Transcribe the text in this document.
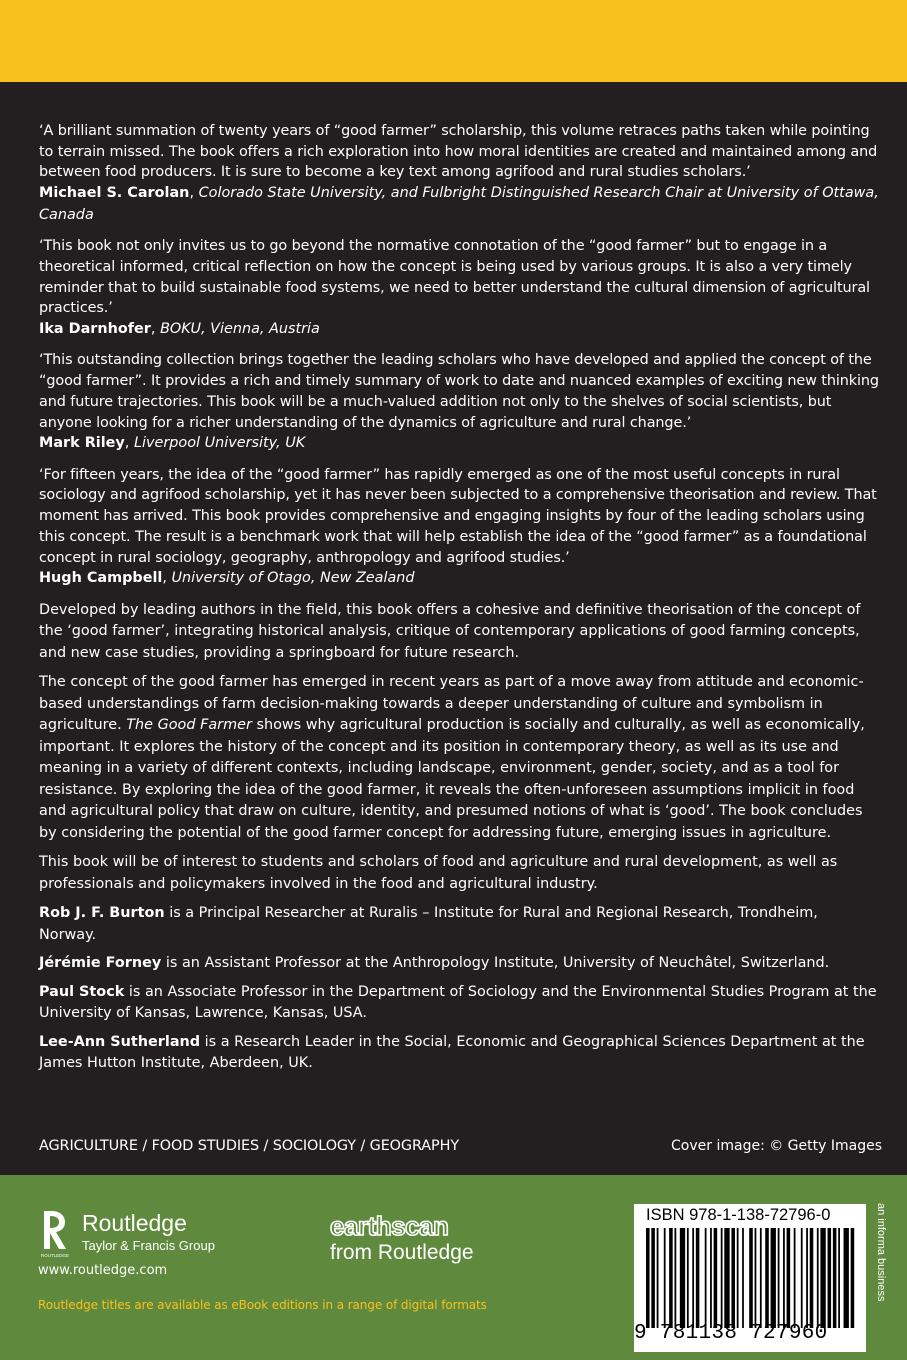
‘A brilliant summation of twenty years of “good farmer” scholarship, this volume retraces paths taken while pointing to terrain missed. The book offers a rich exploration into how moral identities are created and maintained among and between food producers. It is sure to become a key text among agrifood and rural studies scholars.’

Michael S. Carolan, Colorado State University, and Fulbright Distinguished Research Chair at University of Ottawa, Canada

‘This book not only invites us to go beyond the normative connotation of the “good farmer” but to engage in a theoretical informed, critical reflection on how the concept is being used by various groups. It is also a very timely reminder that to build sustainable food systems, we need to better understand the cultural dimension of agricultural practices.’

Ika Darnhofer, BOKU, Vienna, Austria

‘This outstanding collection brings together the leading scholars who have developed and applied the concept of the “good farmer”. It provides a rich and timely summary of work to date and nuanced examples of exciting new thinking and future trajectories. This book will be a much-valued addition not only to the shelves of social scientists, but anyone looking for a richer understanding of the dynamics of agriculture and rural change.’

Mark Riley, Liverpool University, UK

‘For fifteen years, the idea of the “good farmer” has rapidly emerged as one of the most useful concepts in rural sociology and agrifood scholarship, yet it has never been subjected to a comprehensive theorisation and review. That moment has arrived. This book provides comprehensive and engaging insights by four of the leading scholars using this concept. The result is a benchmark work that will help establish the idea of the “good farmer” as a foundational concept in rural sociology, geography, anthropology and agrifood studies.’

Hugh Campbell, University of Otago, New Zealand

Developed by leading authors in the field, this book offers a cohesive and definitive theorisation of the concept of the ‘good farmer’, integrating historical analysis, critique of contemporary applications of good farming concepts, and new case studies, providing a springboard for future research.

The concept of the good farmer has emerged in recent years as part of a move away from attitude and economic-based understandings of farm decision-making towards a deeper understanding of culture and symbolism in agriculture. The Good Farmer shows why agricultural production is socially and culturally, as well as economically, important. It explores the history of the concept and its position in contemporary theory, as well as its use and meaning in a variety of different contexts, including landscape, environment, gender, society, and as a tool for resistance. By exploring the idea of the good farmer, it reveals the often-unforeseen assumptions implicit in food and agricultural policy that draw on culture, identity, and presumed notions of what is ‘good’. The book concludes by considering the potential of the good farmer concept for addressing future, emerging issues in agriculture.

This book will be of interest to students and scholars of food and agriculture and rural development, as well as professionals and policymakers involved in the food and agricultural industry.

Rob J. F. Burton is a Principal Researcher at Ruralis – Institute for Rural and Regional Research, Trondheim, Norway.

Jérémie Forney is an Assistant Professor at the Anthropology Institute, University of Neuchâtel, Switzerland.

Paul Stock is an Associate Professor in the Department of Sociology and the Environmental Studies Program at the University of Kansas, Lawrence, Kansas, USA.

Lee-Ann Sutherland is a Research Leader in the Social, Economic and Geographical Sciences Department at the James Hutton Institute, Aberdeen, UK.

AGRICULTURE / FOOD STUDIES / SOCIOLOGY / GEOGRAPHY	Cover image: © Getty Images
ROUTLEDGE
Routledge
Taylor & Francis Group
www.routledge.com
earthscan
from Routledge
Routledge titles are available as eBook editions in a range of digital formats
ISBN 978-1-138-72796-0
9 781138 727960
an informa business
